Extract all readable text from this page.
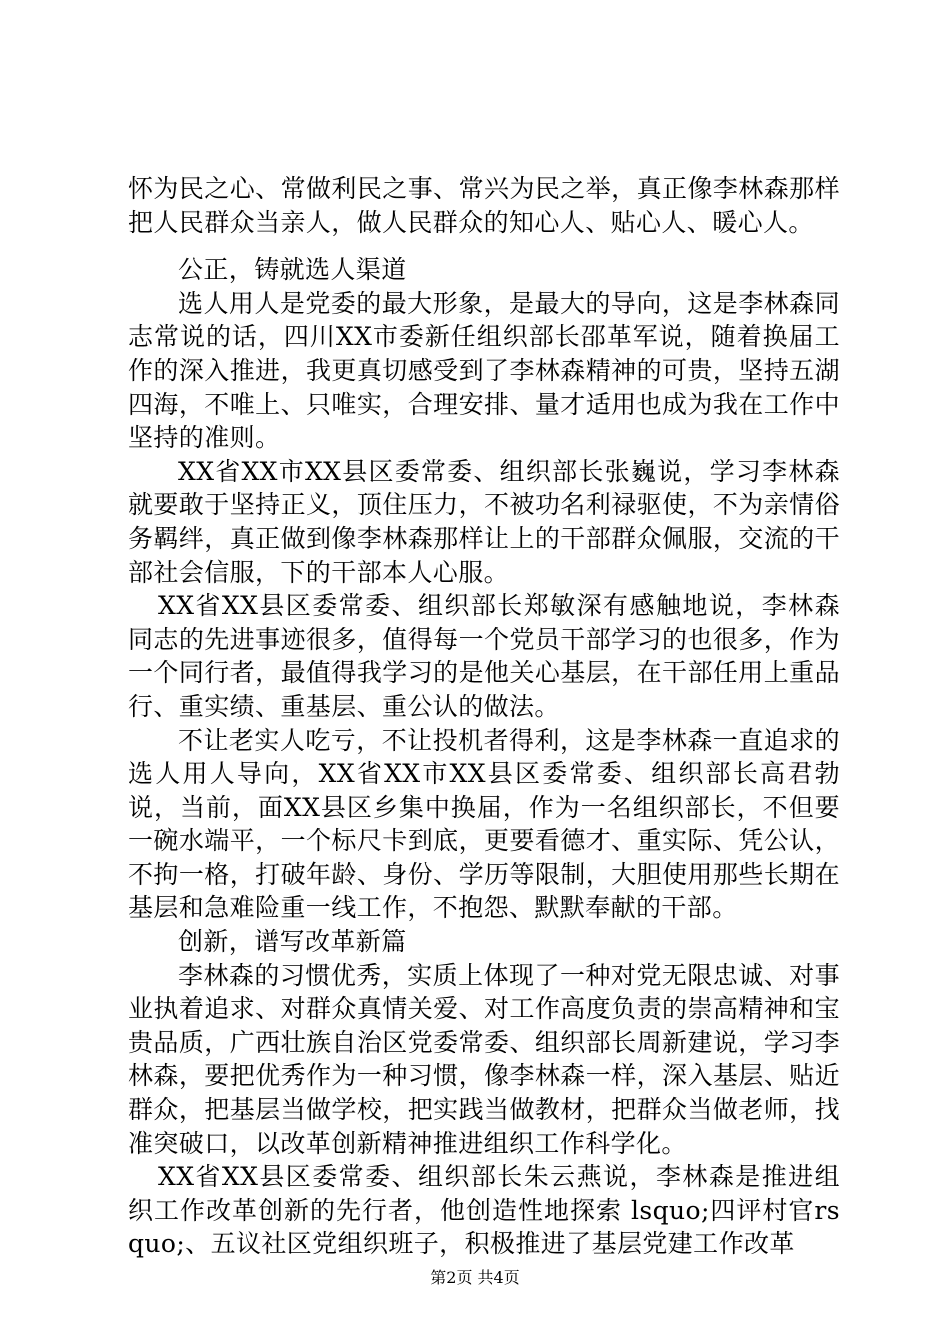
怀为民之心、常做利民之事、常兴为民之举，真正像李林森那样把人民群众当亲人，做人民群众的知心人、贴心人、暖心人。

公正，铸就选人渠道

选人用人是党委的最大形象，是最大的导向，这是李林森同志常说的话，四川XX市委新任组织部长邵革军说，随着换届工作的深入推进，我更真切感受到了李林森精神的可贵，坚持五湖四海，不唯上、只唯实，合理安排、量才适用也成为我在工作中坚持的准则。

XX省XX市XX县区委常委、组织部长张巍说，学习李林森就要敢于坚持正义，顶住压力，不被功名利禄驱使，不为亲情俗务羁绊，真正做到像李林森那样让上的干部群众佩服，交流的干部社会信服，下的干部本人心服。

XX省XX县区委常委、组织部长郑敏深有感触地说，李林森同志的先进事迹很多，值得每一个党员干部学习的也很多，作为一个同行者，最值得我学习的是他关心基层，在干部任用上重品行、重实绩、重基层、重公认的做法。

不让老实人吃亏，不让投机者得利，这是李林森一直追求的选人用人导向，XX省XX市XX县区委常委、组织部长高君勃说，当前，面XX县区乡集中换届，作为一名组织部长，不但要一碗水端平，一个标尺卡到底，更要看德才、重实际、凭公认，不拘一格，打破年龄、身份、学历等限制，大胆使用那些长期在基层和急难险重一线工作，不抱怨、默默奉献的干部。

创新，谱写改革新篇

李林森的习惯优秀，实质上体现了一种对党无限忠诚、对事业执着追求、对群众真情关爱、对工作高度负责的崇高精神和宝贵品质，广西壮族自治区党委常委、组织部长周新建说，学习李林森，要把优秀作为一种习惯，像李林森一样，深入基层、贴近群众，把基层当做学校，把实践当做教材，把群众当做老师，找准突破口，以改革创新精神推进组织工作科学化。

XX省XX县区委常委、组织部长朱云燕说，李林森是推进组织工作改革创新的先行者，他创造性地探索 lsquo;四评村官rsquo;、五议社区党组织班子，积极推进了基层党建工作改革

第2页 共4页
